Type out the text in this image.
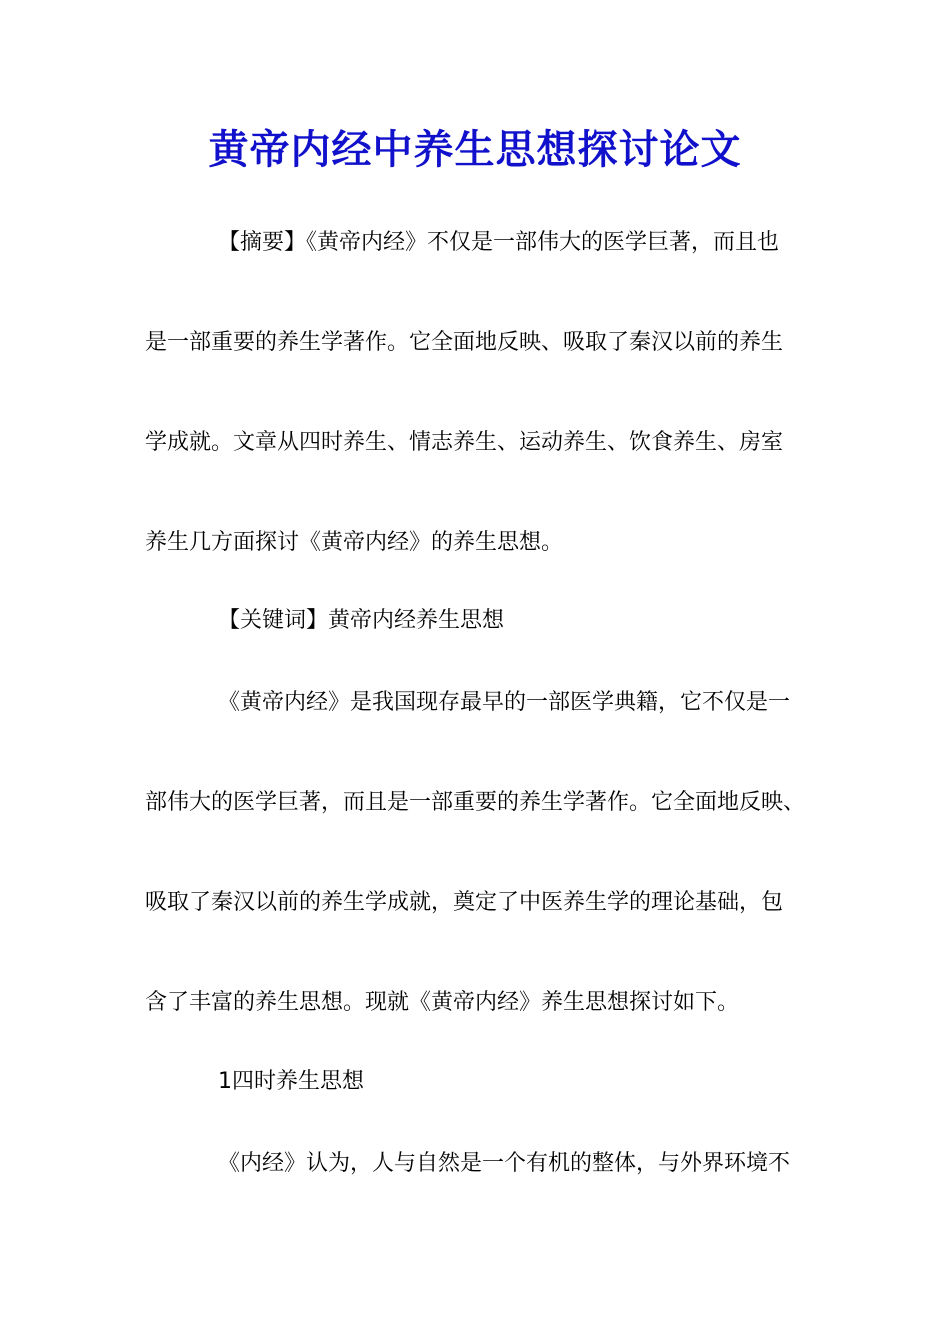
黄帝内经中养生思想探讨论文
【摘要】《黄帝内经》不仅是一部伟大的医学巨著，而且也
是一部重要的养生学著作。它全面地反映、吸取了秦汉以前的养生
学成就。文章从四时养生、情志养生、运动养生、饮食养生、房室
养生几方面探讨《黄帝内经》的养生思想。
【关键词】黄帝内经养生思想
《黄帝内经》是我国现存最早的一部医学典籍，它不仅是一
部伟大的医学巨著，而且是一部重要的养生学著作。它全面地反映、
吸取了秦汉以前的养生学成就，奠定了中医养生学的理论基础，包
含了丰富的养生思想。现就《黄帝内经》养生思想探讨如下。
1四时养生思想
《内经》认为，人与自然是一个有机的整体，与外界环境不
